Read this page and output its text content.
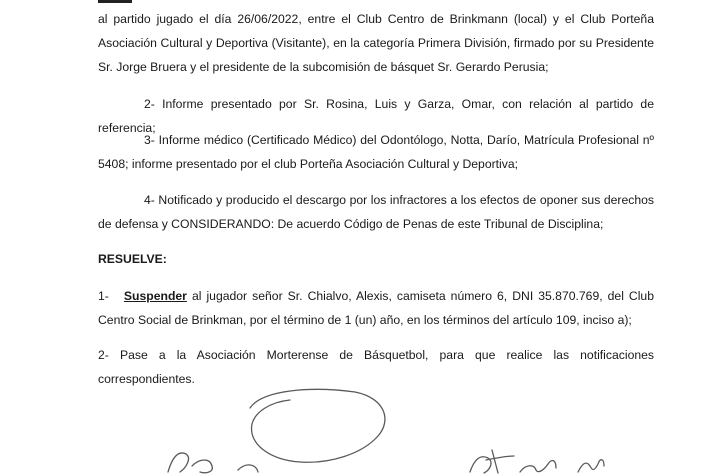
al partido jugado el día 26/06/2022, entre el Club Centro de Brinkmann (local) y el Club Porteña Asociación Cultural y Deportiva (Visitante), en la categoría Primera División, firmado por su Presidente Sr. Jorge Bruera y el presidente de la subcomisión de básquet Sr. Gerardo Perusia;

2- Informe presentado por Sr. Rosina, Luis y Garza, Omar, con relación al partido de referencia;

3- Informe médico (Certificado Médico) del Odontólogo, Notta, Darío, Matrícula Profesional nº 5408; informe presentado por el club Porteña Asociación Cultural y Deportiva;

4- Notificado y producido el descargo por los infractores a los efectos de oponer sus derechos de defensa y CONSIDERANDO: De acuerdo Código de Penas de este Tribunal de Disciplina;

RESUELVE:

1- Suspender al jugador señor Sr. Chialvo, Alexis, camiseta número 6, DNI 35.870.769, del Club Centro Social de Brinkman, por el término de 1 (un) año, en los términos del artículo 109, inciso a);

2- Pase a la Asociación Morterense de Básquetbol, para que realice las notificaciones correspondientes.
